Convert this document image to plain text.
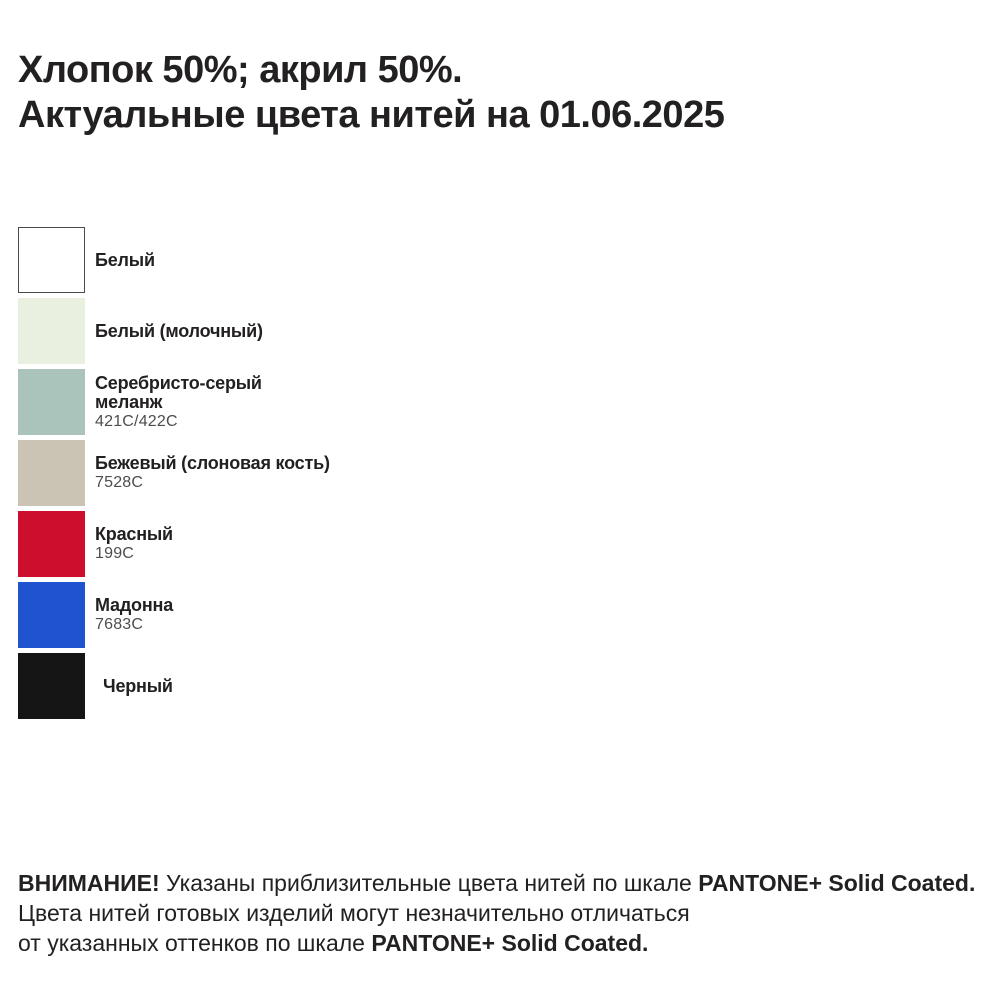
Хлопок 50%; акрил 50%.
Актуальные цвета нитей на 01.06.2025
Белый
Белый (молочный)
Серебристо-серый
меланж
421C/422C
Бежевый (слоновая кость)
7528C
Красный
199C
Мадонна
7683C
Черный

ВНИМАНИЕ! Указаны приблизительные цвета нитей по шкале PANTONE+ Solid Coated.

Цвета нитей готовых изделий могут незначительно отличаться

от указанных оттенков по шкале PANTONE+ Solid Coated.
